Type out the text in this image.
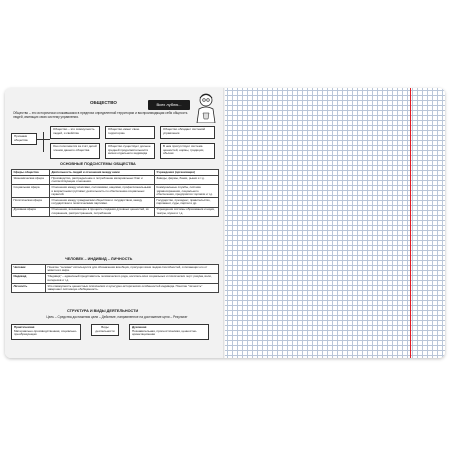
ОБЩЕСТВО	Всех лублю...
Общество – это исторически сложившаяся в пределах определенной территории и воспроизводящая себя общность людей, имеющих свою систему управления.
Признаки общества
Общество – это совокупность людей, и свойства
Общество имеет свою территорию
Общество обладает системой управления
Оно пополняется за счёт детей членов данного общества
Общество существует дольше средней продолжительности жизни отдельного индивида
В нем присутствует система ценностей, нормы, традиции, обычаи
ОСНОВНЫЕ ПОДСИСТЕМЫ ОБЩЕСТВА
Сферы общества	Деятельность людей и отношения между ними	Учреждения (организации)
Экономическая сфера	Производство, распределение и потребление материальных благ и соответствующие отношения.	Заводы, фирмы, банки, рынки и т.д.
Социальная сфера	Отношения между классами, сословиями, нациями, профессиональными и возрастными группами; деятельность по обеспечению социальных гарантий.	Коммунальные службы, система здравоохранения, социального обеспечения, предприятия торговли и т.д.
Политическая сфера	Отношения между гражданским обществом и государством, между государством и политическими партиями.	Государство, президент, правительство, парламент, суды, партии и др.
Духовная сфера	Отношения, возникающие в процессе создания духовных ценностей, их сохранения, распространения, потребления	Учреждения системы образования и науки, театры, музеи и т.д.
ЧЕЛОВЕК – ИНДИВИД – ЛИЧНОСТЬ
Человек	Понятие "человек" используется для обозначения всеобщих, присущих всем людям способностей, отличающих его от животного мира.
Индивид	"Индивид" – единичный представитель человеческого рода, носитель всех социальных и психических черт: разума, воли, интересов и т.д.
Личность	Это совокупность ценностных психических и культурно-исторических особенностей индивида. Понятие "личность" завершает системную обобщённость.
СТРУКТУРА И ВИДЫ ДЕЯТЕЛЬНОСТИ
Цель – Средства достижения цели – Действие, направленное на достижение цели – Результат
Практическая
Материально-производственная, социально-преобразующая
Виды деятельности
Духовная
Познавательная, прогностическая, ценностно-ориентационная
